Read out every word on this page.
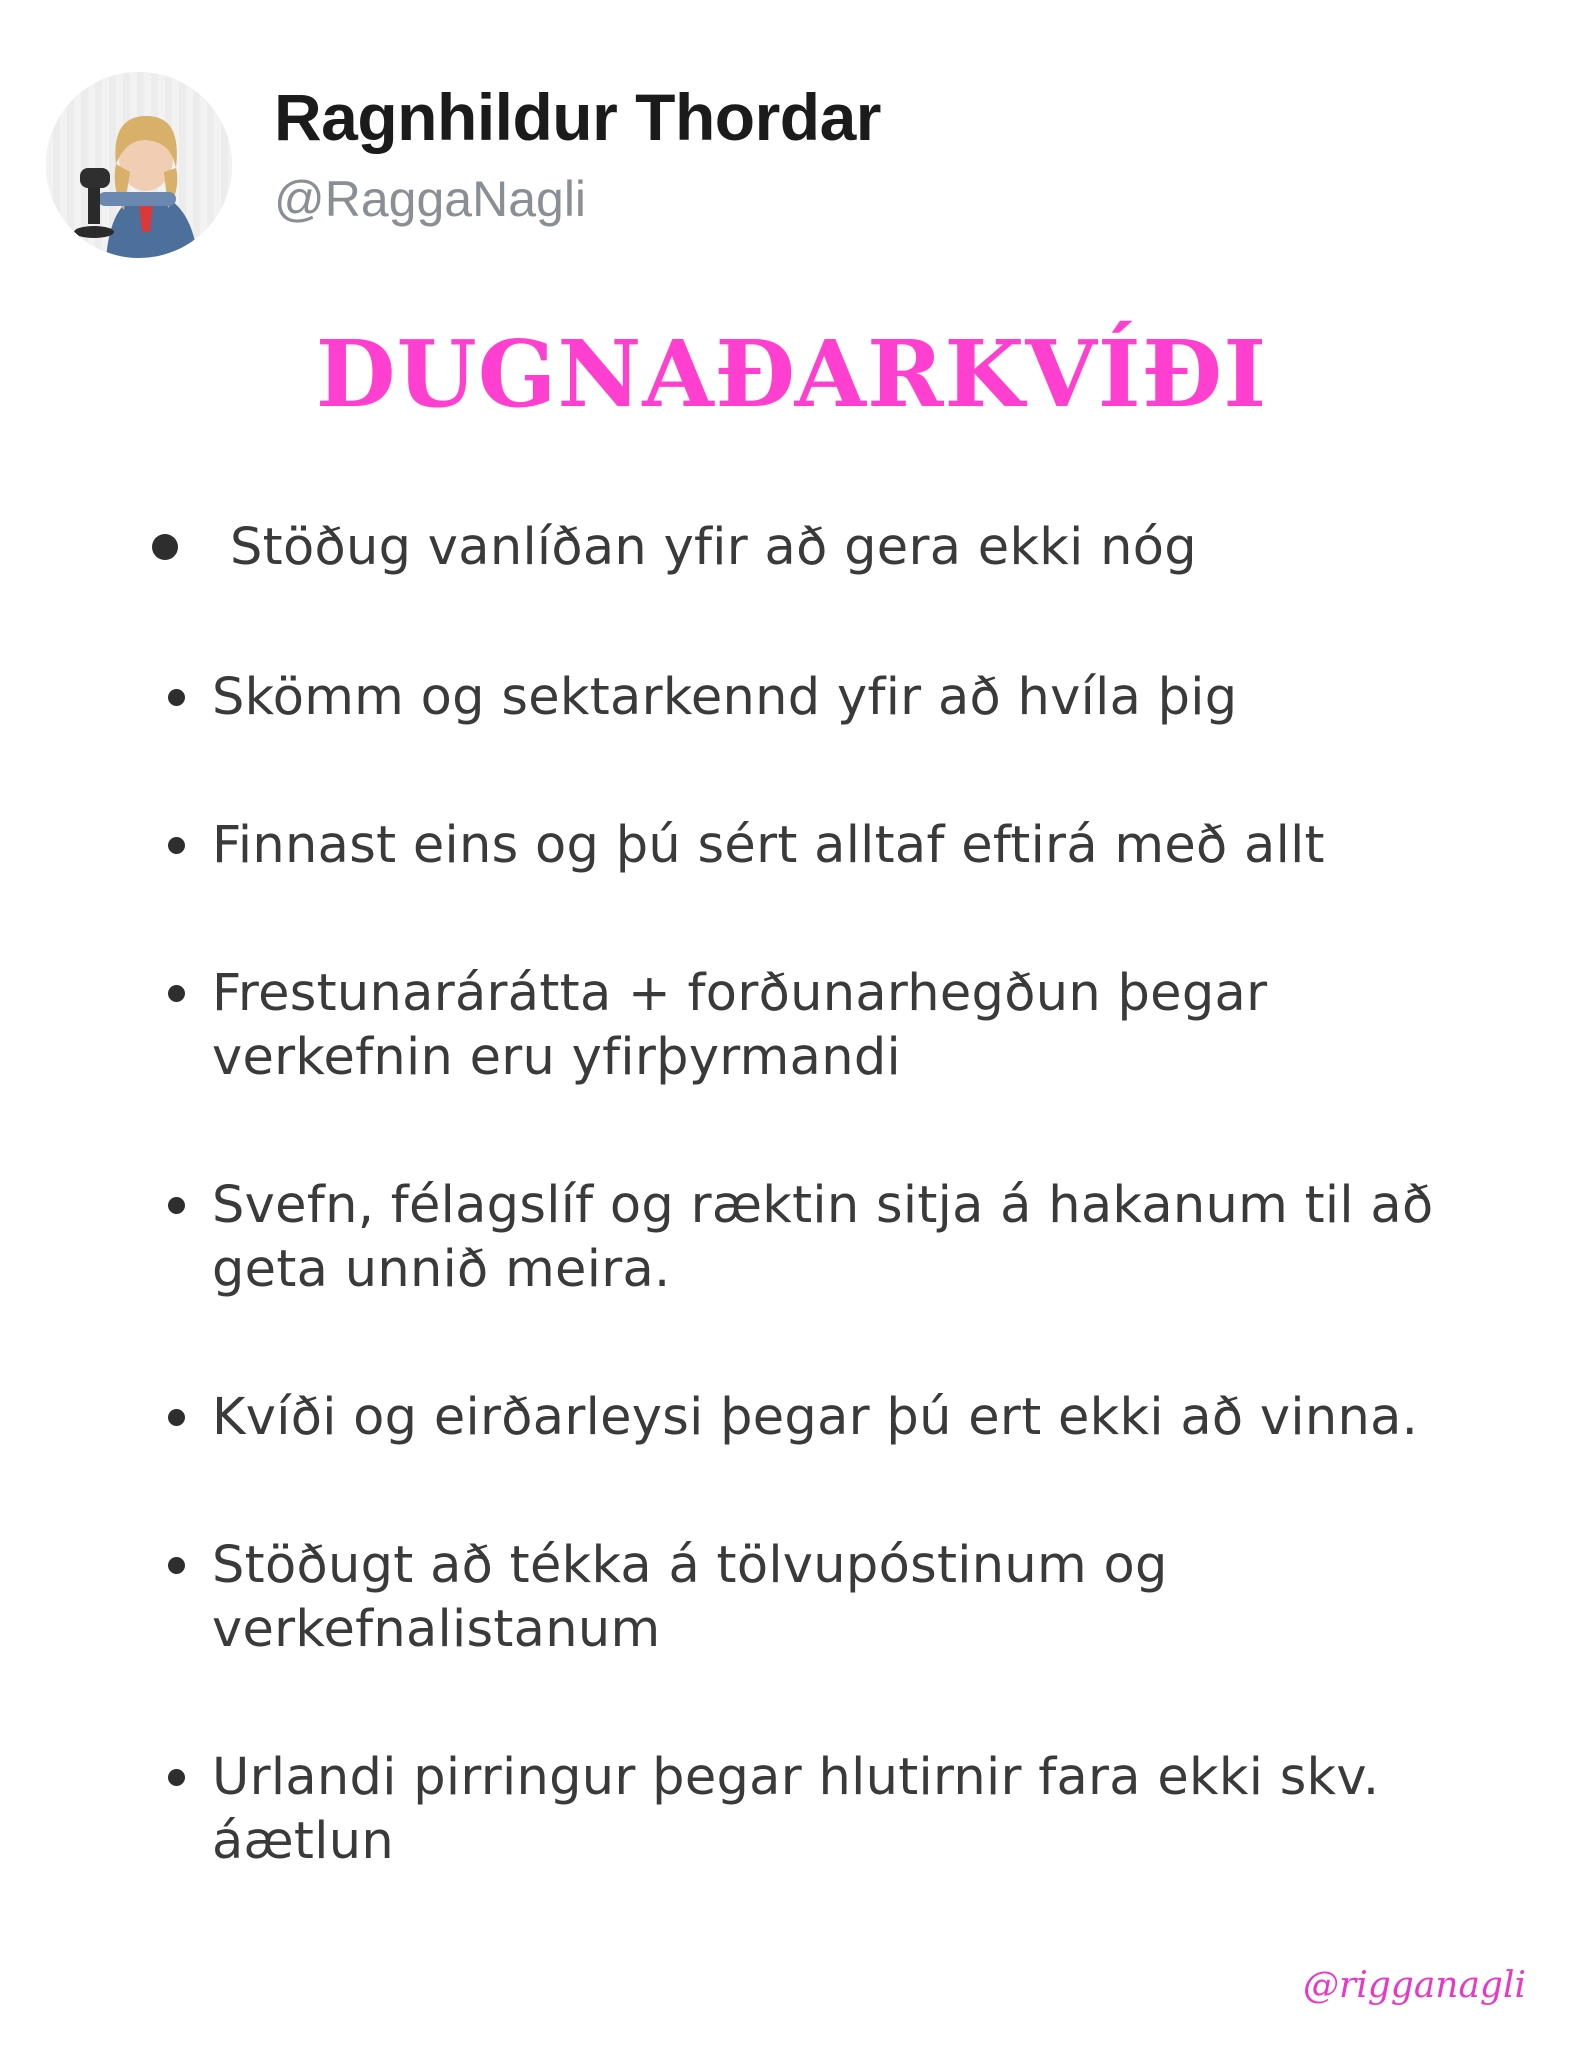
Ragnhildur Thordar
@RaggaNagli
DUGNAÐARKVÍÐI
Stöðug vanlíðan yfir að gera ekki nóg
Skömm og sektarkennd yfir að hvíla þig
Finnast eins og þú sért alltaf eftirá með allt
Frestunarárátta + forðunarhegðun þegar verkefnin eru yfirþyrmandi
Svefn, félagslíf og ræktin sitja á hakanum til að geta unnið meira.
Kvíði og eirðarleysi þegar þú ert ekki að vinna.
Stöðugt að tékka á tölvupóstinum og verkefnalistanum
Urlandi pirringur þegar hlutirnir fara ekki skv. áætlun
@rigganagli
